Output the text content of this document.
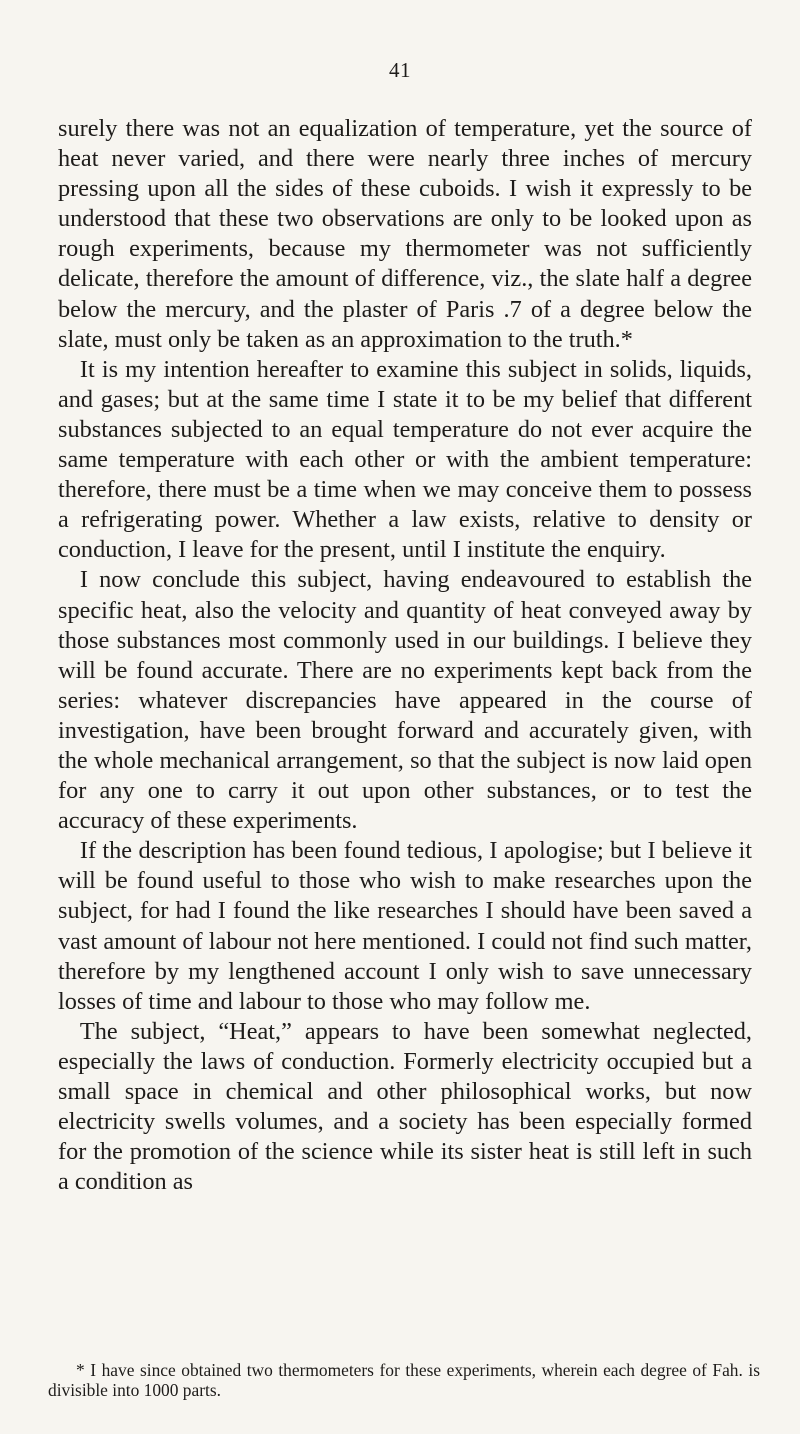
41

surely there was not an equalization of temperature, yet the source of heat never varied, and there were nearly three inches of mercury pressing upon all the sides of these cuboids. I wish it expressly to be understood that these two observations are only to be looked upon as rough experiments, because my thermometer was not sufficiently delicate, therefore the amount of difference, viz., the slate half a degree below the mercury, and the plaster of Paris .7 of a degree below the slate, must only be taken as an approximation to the truth.*

It is my intention hereafter to examine this subject in solids, liquids, and gases; but at the same time I state it to be my belief that different substances subjected to an equal temperature do not ever acquire the same temperature with each other or with the ambient temperature: therefore, there must be a time when we may conceive them to possess a refrigerating power. Whether a law exists, relative to density or conduction, I leave for the present, until I institute the enquiry.

I now conclude this subject, having endeavoured to establish the specific heat, also the velocity and quantity of heat conveyed away by those substances most commonly used in our buildings. I believe they will be found accurate. There are no experiments kept back from the series: whatever discrepancies have appeared in the course of investigation, have been brought forward and accurately given, with the whole mechanical arrangement, so that the subject is now laid open for any one to carry it out upon other substances, or to test the accuracy of these experiments.

If the description has been found tedious, I apologise; but I believe it will be found useful to those who wish to make researches upon the subject, for had I found the like researches I should have been saved a vast amount of labour not here mentioned. I could not find such matter, therefore by my lengthened account I only wish to save unnecessary losses of time and labour to those who may follow me.

The subject, “Heat,” appears to have been somewhat neglected, especially the laws of conduction. Formerly electricity occupied but a small space in chemical and other philosophical works, but now electricity swells volumes, and a society has been especially formed for the promotion of the science while its sister heat is still left in such a condition as

* I have since obtained two thermometers for these experiments, wherein each degree of Fah. is divisible into 1000 parts.
